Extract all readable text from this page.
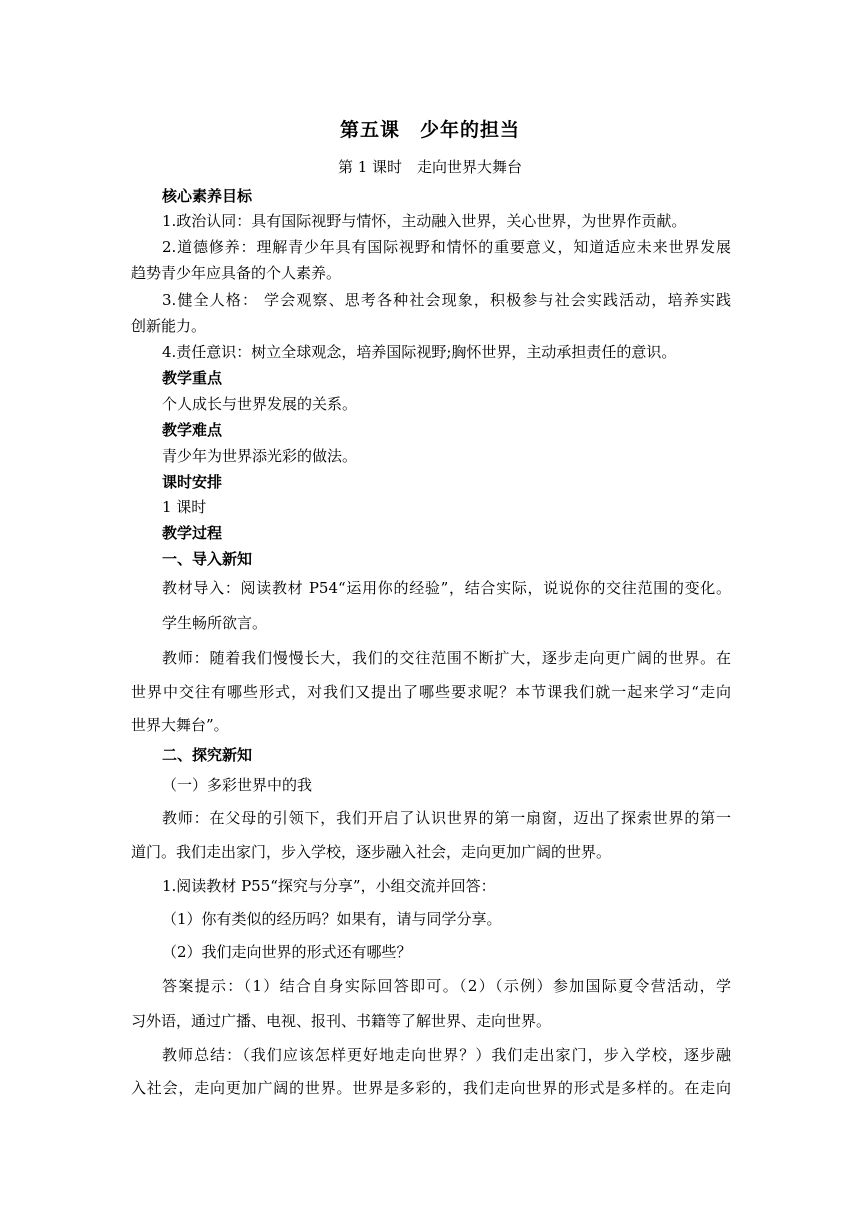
第五课　少年的担当
第 1 课时　走向世界大舞台
核心素养目标
1.政治认同：具有国际视野与情怀，主动融入世界，关心世界，为世界作贡献。
2.道德修养：理解青少年具有国际视野和情怀的重要意义，知道适应未来世界发展
趋势青少年应具备的个人素养。
3.健全人格： 学会观察、思考各种社会现象，积极参与社会实践活动，培养实践
创新能力。
4.责任意识：树立全球观念，培养国际视野;胸怀世界，主动承担责任的意识。
教学重点
个人成长与世界发展的关系。
教学难点
青少年为世界添光彩的做法。
课时安排
1 课时
教学过程
一、导入新知
教材导入：阅读教材 P54“运用你的经验”，结合实际，说说你的交往范围的变化。
学生畅所欲言。
教师：随着我们慢慢长大，我们的交往范围不断扩大，逐步走向更广阔的世界。在
世界中交往有哪些形式，对我们又提出了哪些要求呢？本节课我们就一起来学习“走向
世界大舞台”。
二、探究新知
（一）多彩世界中的我
教师：在父母的引领下，我们开启了认识世界的第一扇窗，迈出了探索世界的第一
道门。我们走出家门，步入学校，逐步融入社会，走向更加广阔的世界。
1.阅读教材 P55“探究与分享”，小组交流并回答：
（1）你有类似的经历吗？如果有，请与同学分享。
（2）我们走向世界的形式还有哪些？
答案提示：（1）结合自身实际回答即可。（2）（示例）参加国际夏令营活动，学
习外语，通过广播、电视、报刊、书籍等了解世界、走向世界。
教师总结：（我们应该怎样更好地走向世界？）我们走出家门，步入学校，逐步融
入社会，走向更加广阔的世界。世界是多彩的，我们走向世界的形式是多样的。在走向
